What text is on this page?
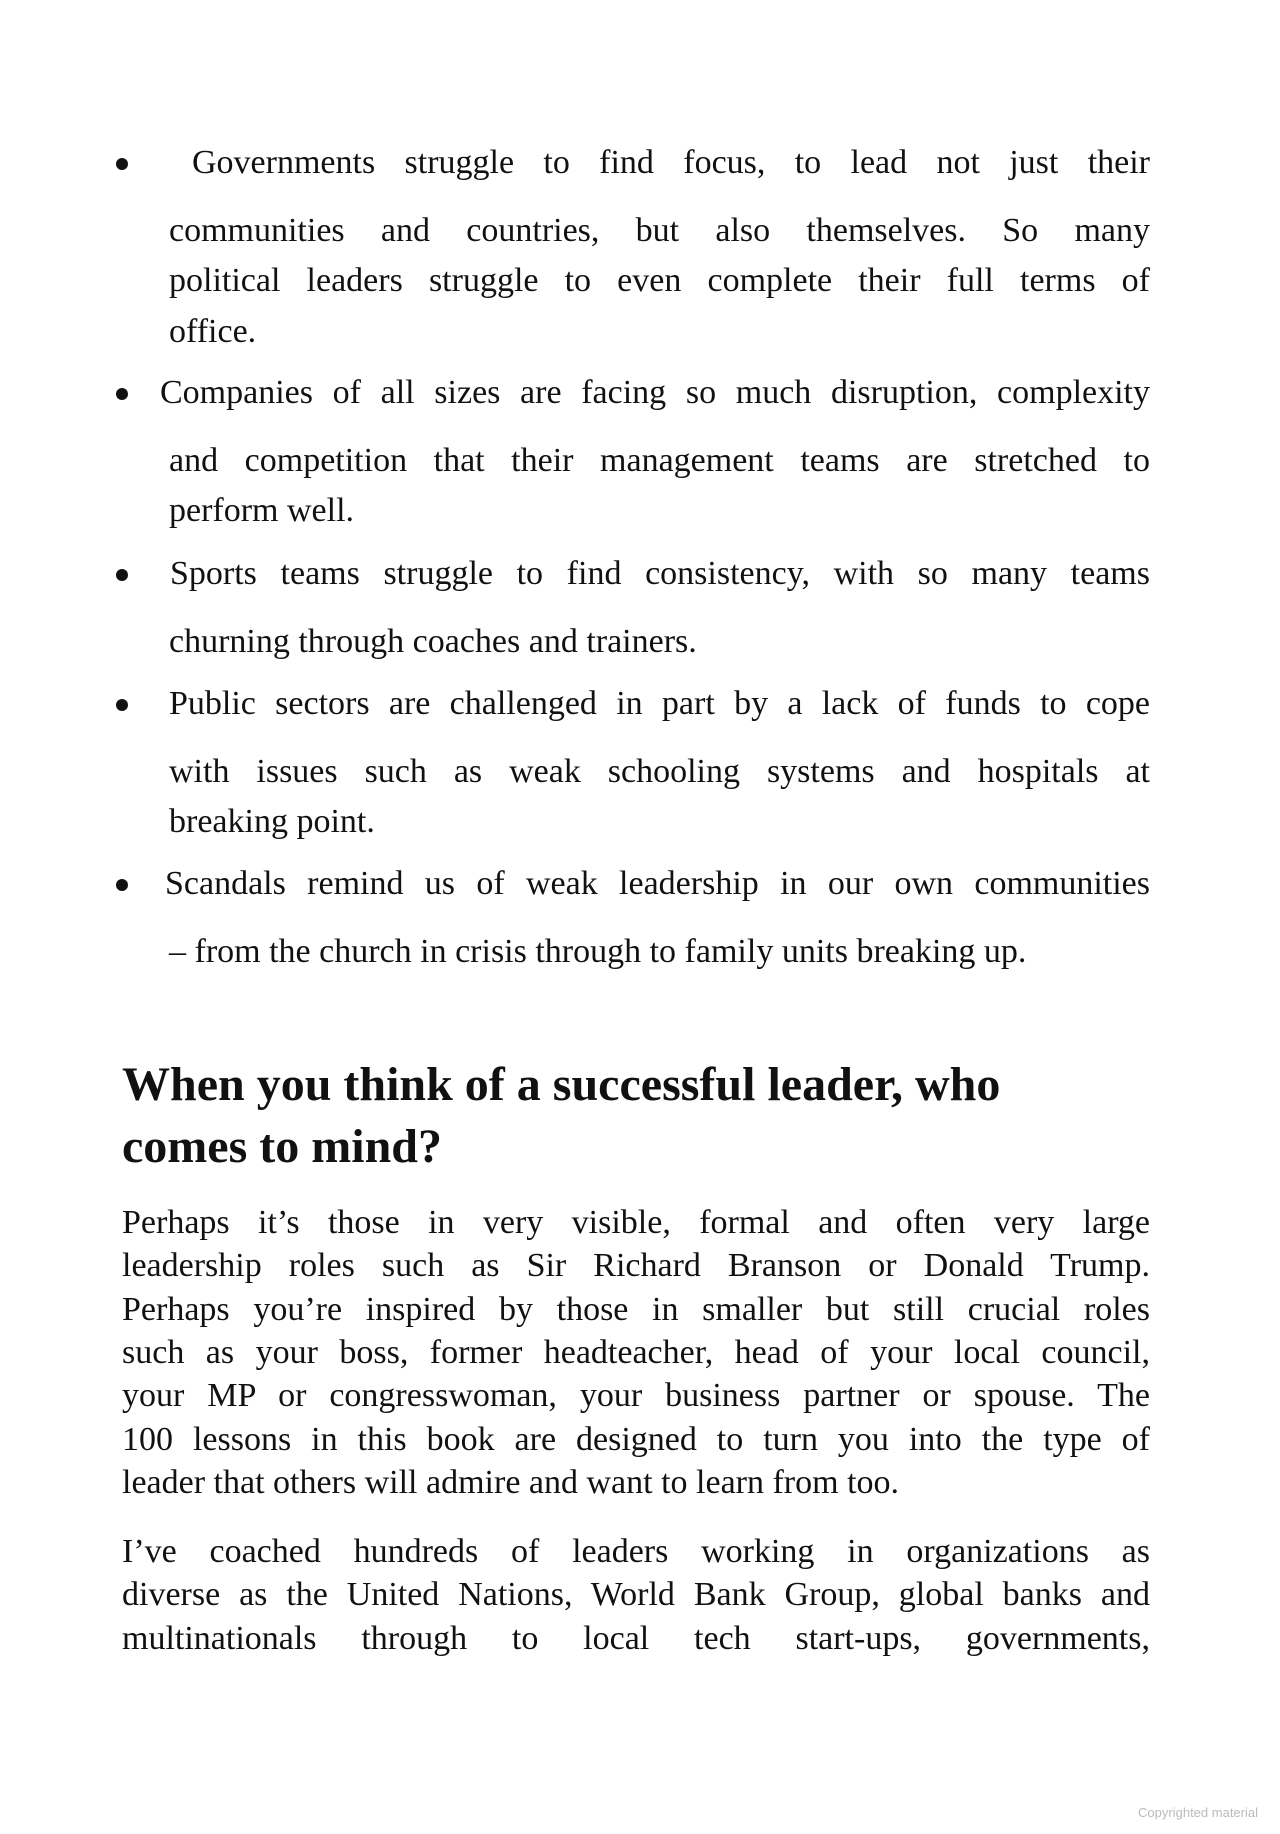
Governments struggle to find focus, to lead not just their
communities and countries, but also themselves. So many
political leaders struggle to even complete their full terms of
office.
Companies of all sizes are facing so much disruption, complexity
and competition that their management teams are stretched to
perform well.
Sports teams struggle to find consistency, with so many teams
churning through coaches and trainers.
Public sectors are challenged in part by a lack of funds to cope
with issues such as weak schooling systems and hospitals at
breaking point.
Scandals remind us of weak leadership in our own communities
– from the church in crisis through to family units breaking up.
When you think of a successful leader, who
comes to mind?
Perhaps it’s those in very visible, formal and often very large
leadership roles such as Sir Richard Branson or Donald Trump.
Perhaps you’re inspired by those in smaller but still crucial roles
such as your boss, former headteacher, head of your local council,
your MP or congresswoman, your business partner or spouse. The
100 lessons in this book are designed to turn you into the type of
leader that others will admire and want to learn from too.
I’ve coached hundreds of leaders working in organizations as
diverse as the United Nations, World Bank Group, global banks and
multinationals through to local tech start-ups, governments,
Copyrighted material
